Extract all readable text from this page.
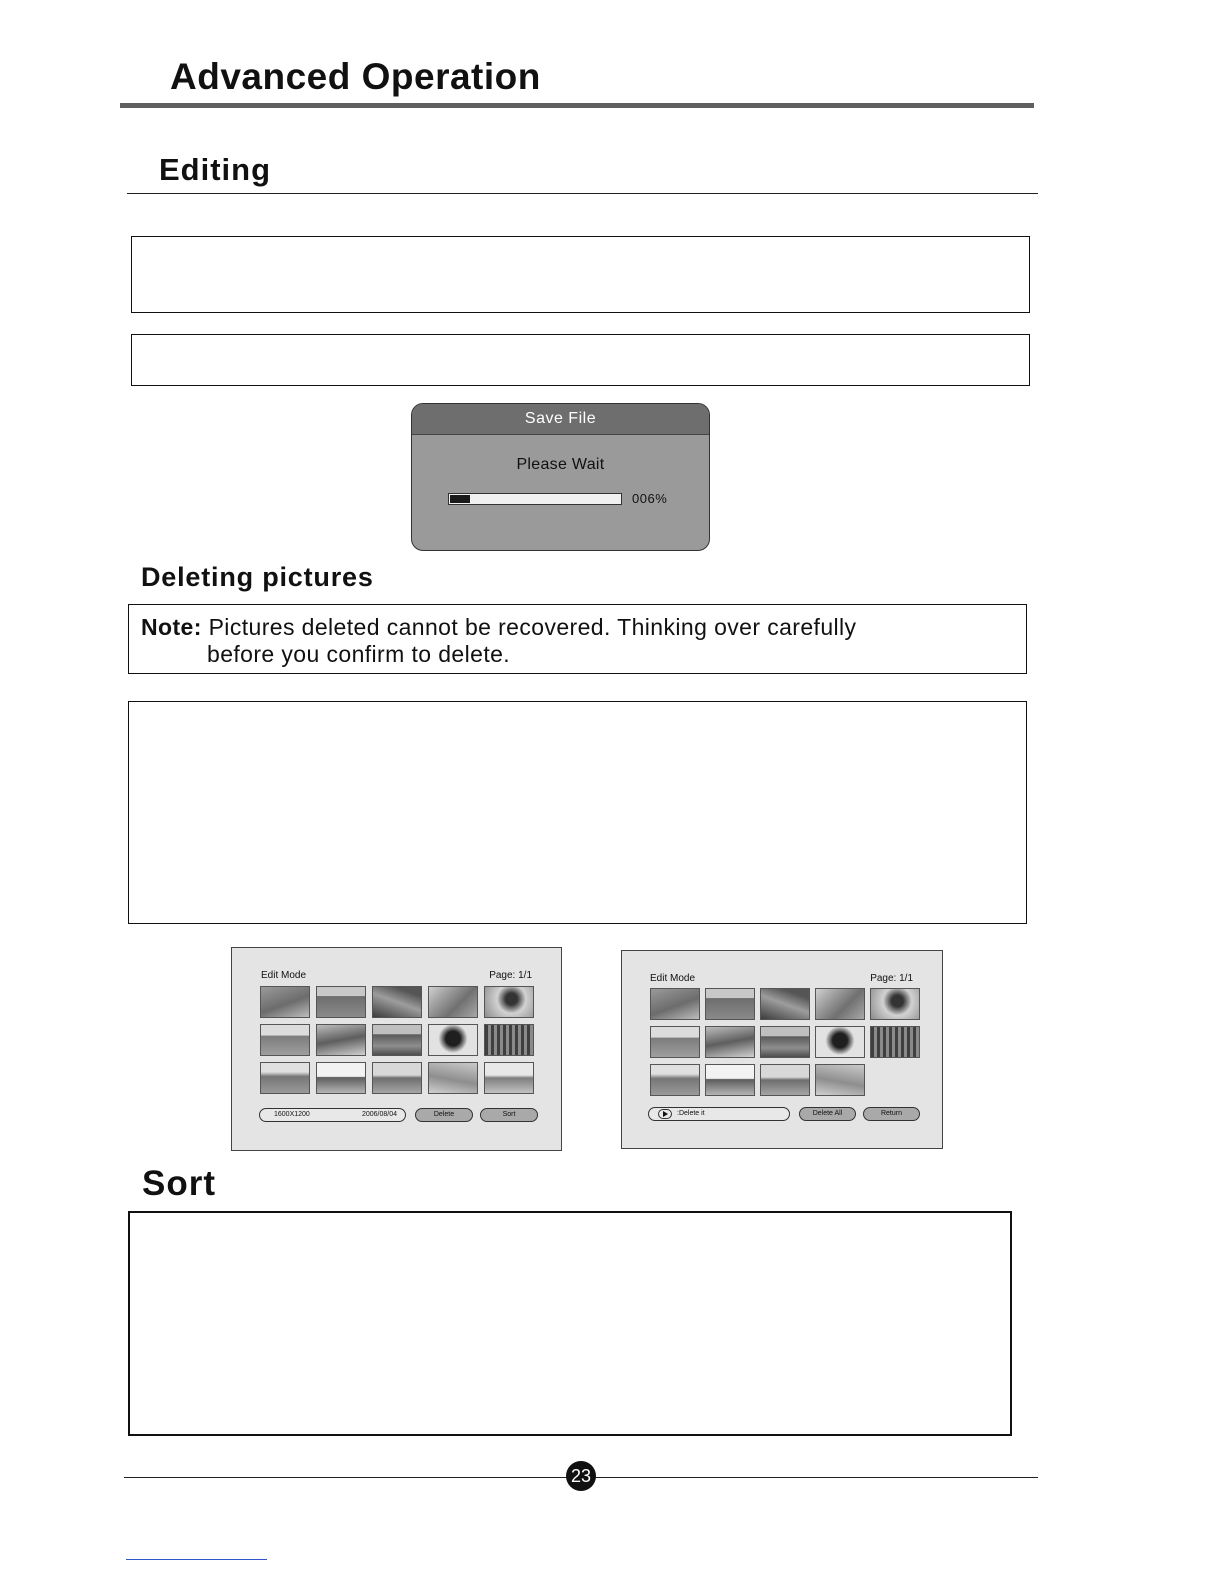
Advanced Operation
Editing
Save File
Please Wait
006%
Deleting pictures
Note: Pictures deleted cannot be recovered. Thinking over carefully
before you confirm to delete.
Edit Mode	Page: 1/1
1600X1200	2006/08/04	Delete	Sort
Edit Mode	Page: 1/1
:Delete it	Delete All	Return
Sort
23
